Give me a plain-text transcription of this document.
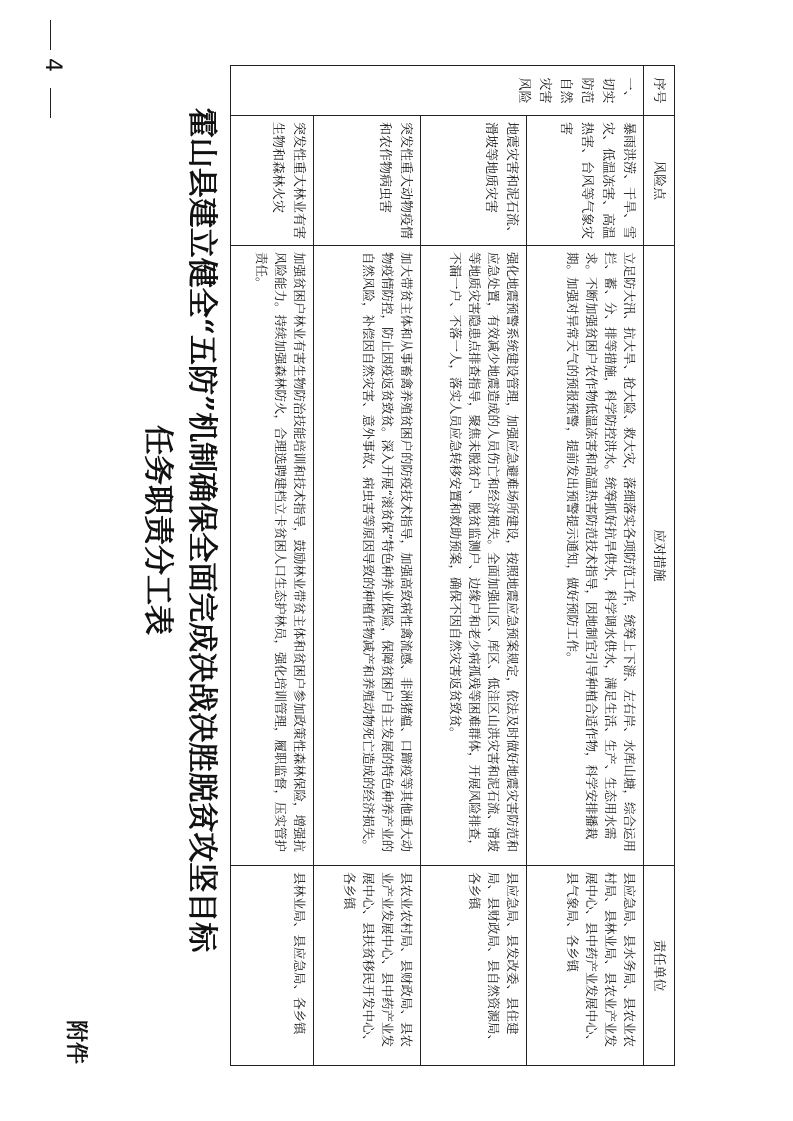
附件
霍山县建立健全“五防”机制确保全面完成决战决胜脱贫攻坚目标
任务职责分工表
序号	风险点	应对措施	责任单位
一、切实防范自然灾害风险	暴雨洪涝、干旱、雪灾、低温冻害、高温热害、台风等气象灾害	立足防大汛、抗大旱、抢大险、救大灾，落细落实各项防范工作，统筹上下游、左右岸、水库山塘，综合运用拦、蓄、分、排等措施，科学防控洪水。统筹抓好抗旱供水，科学调水供水，满足生活、生产、生态用水需求。不断加强贫困户农作物低温冻害和高温热害防范技术指导，因地制宜引导种植合适作物，科学安排播栽期。加强对异常天气的预报预警，提前发出预警提示通知，做好预防工作。	县应急局、县水务局、县农业农村局、县林业局、县农业产业发展中心、县中药产业发展中心、县气象局、各乡镇
	地震灾害和泥石流、滑坡等地质灾害	强化地震预警系统建设管理，加强应急避难场所建设，按照地震应急预案规定，依法及时做好地震灾害防范和应急处置，有效减少地震造成的人员伤亡和经济损失。全面加强山区、库区、低洼区山洪灾害和泥石流、滑坡等地质灾害隐患点排查指导，聚焦未脱贫户、脱贫监测户、边缘户和老少病孤残等困难群体，开展风险排查，不漏一户、不落一人，落实人员应急转移安置和救助预案，确保不因自然灾害返贫致贫。	县应急局、县发改委、县住建局、县财政局、县自然资源局、各乡镇
	突发性重大动物疫情和农作物病虫害	加大带贫主体和从事畜禽养殖贫困户的防疫技术指导，加强高致病性禽流感、非洲猪瘟、口蹄疫等其他重大动物疫情防控，防止因疫返贫致贫。深入开展“滚贫保”特色种养业保险，保障贫困户自主发展的特色种养产业的自然风险，补偿因自然灾害、意外事故、病虫害等原因导致的种植作物减产和养殖动物死亡造成的经济损失。	县农业农村局、县财政局、县农业产业发展中心、县中药产业发展中心、县扶贫移民开发中心、各乡镇
	突发性重大林业有害生物和森林火灾	加强贫困户林业有害生物防治技能培训和技术指导，鼓励林业带贫主体和贫困户参加政策性森林保险，增强抗风险能力。持续加强森林防火，合理选聘建档立卡贫困人口生态护林员，强化培训管理，履职监督，压实管护责任。	县林业局、县应急局、各乡镇
4
